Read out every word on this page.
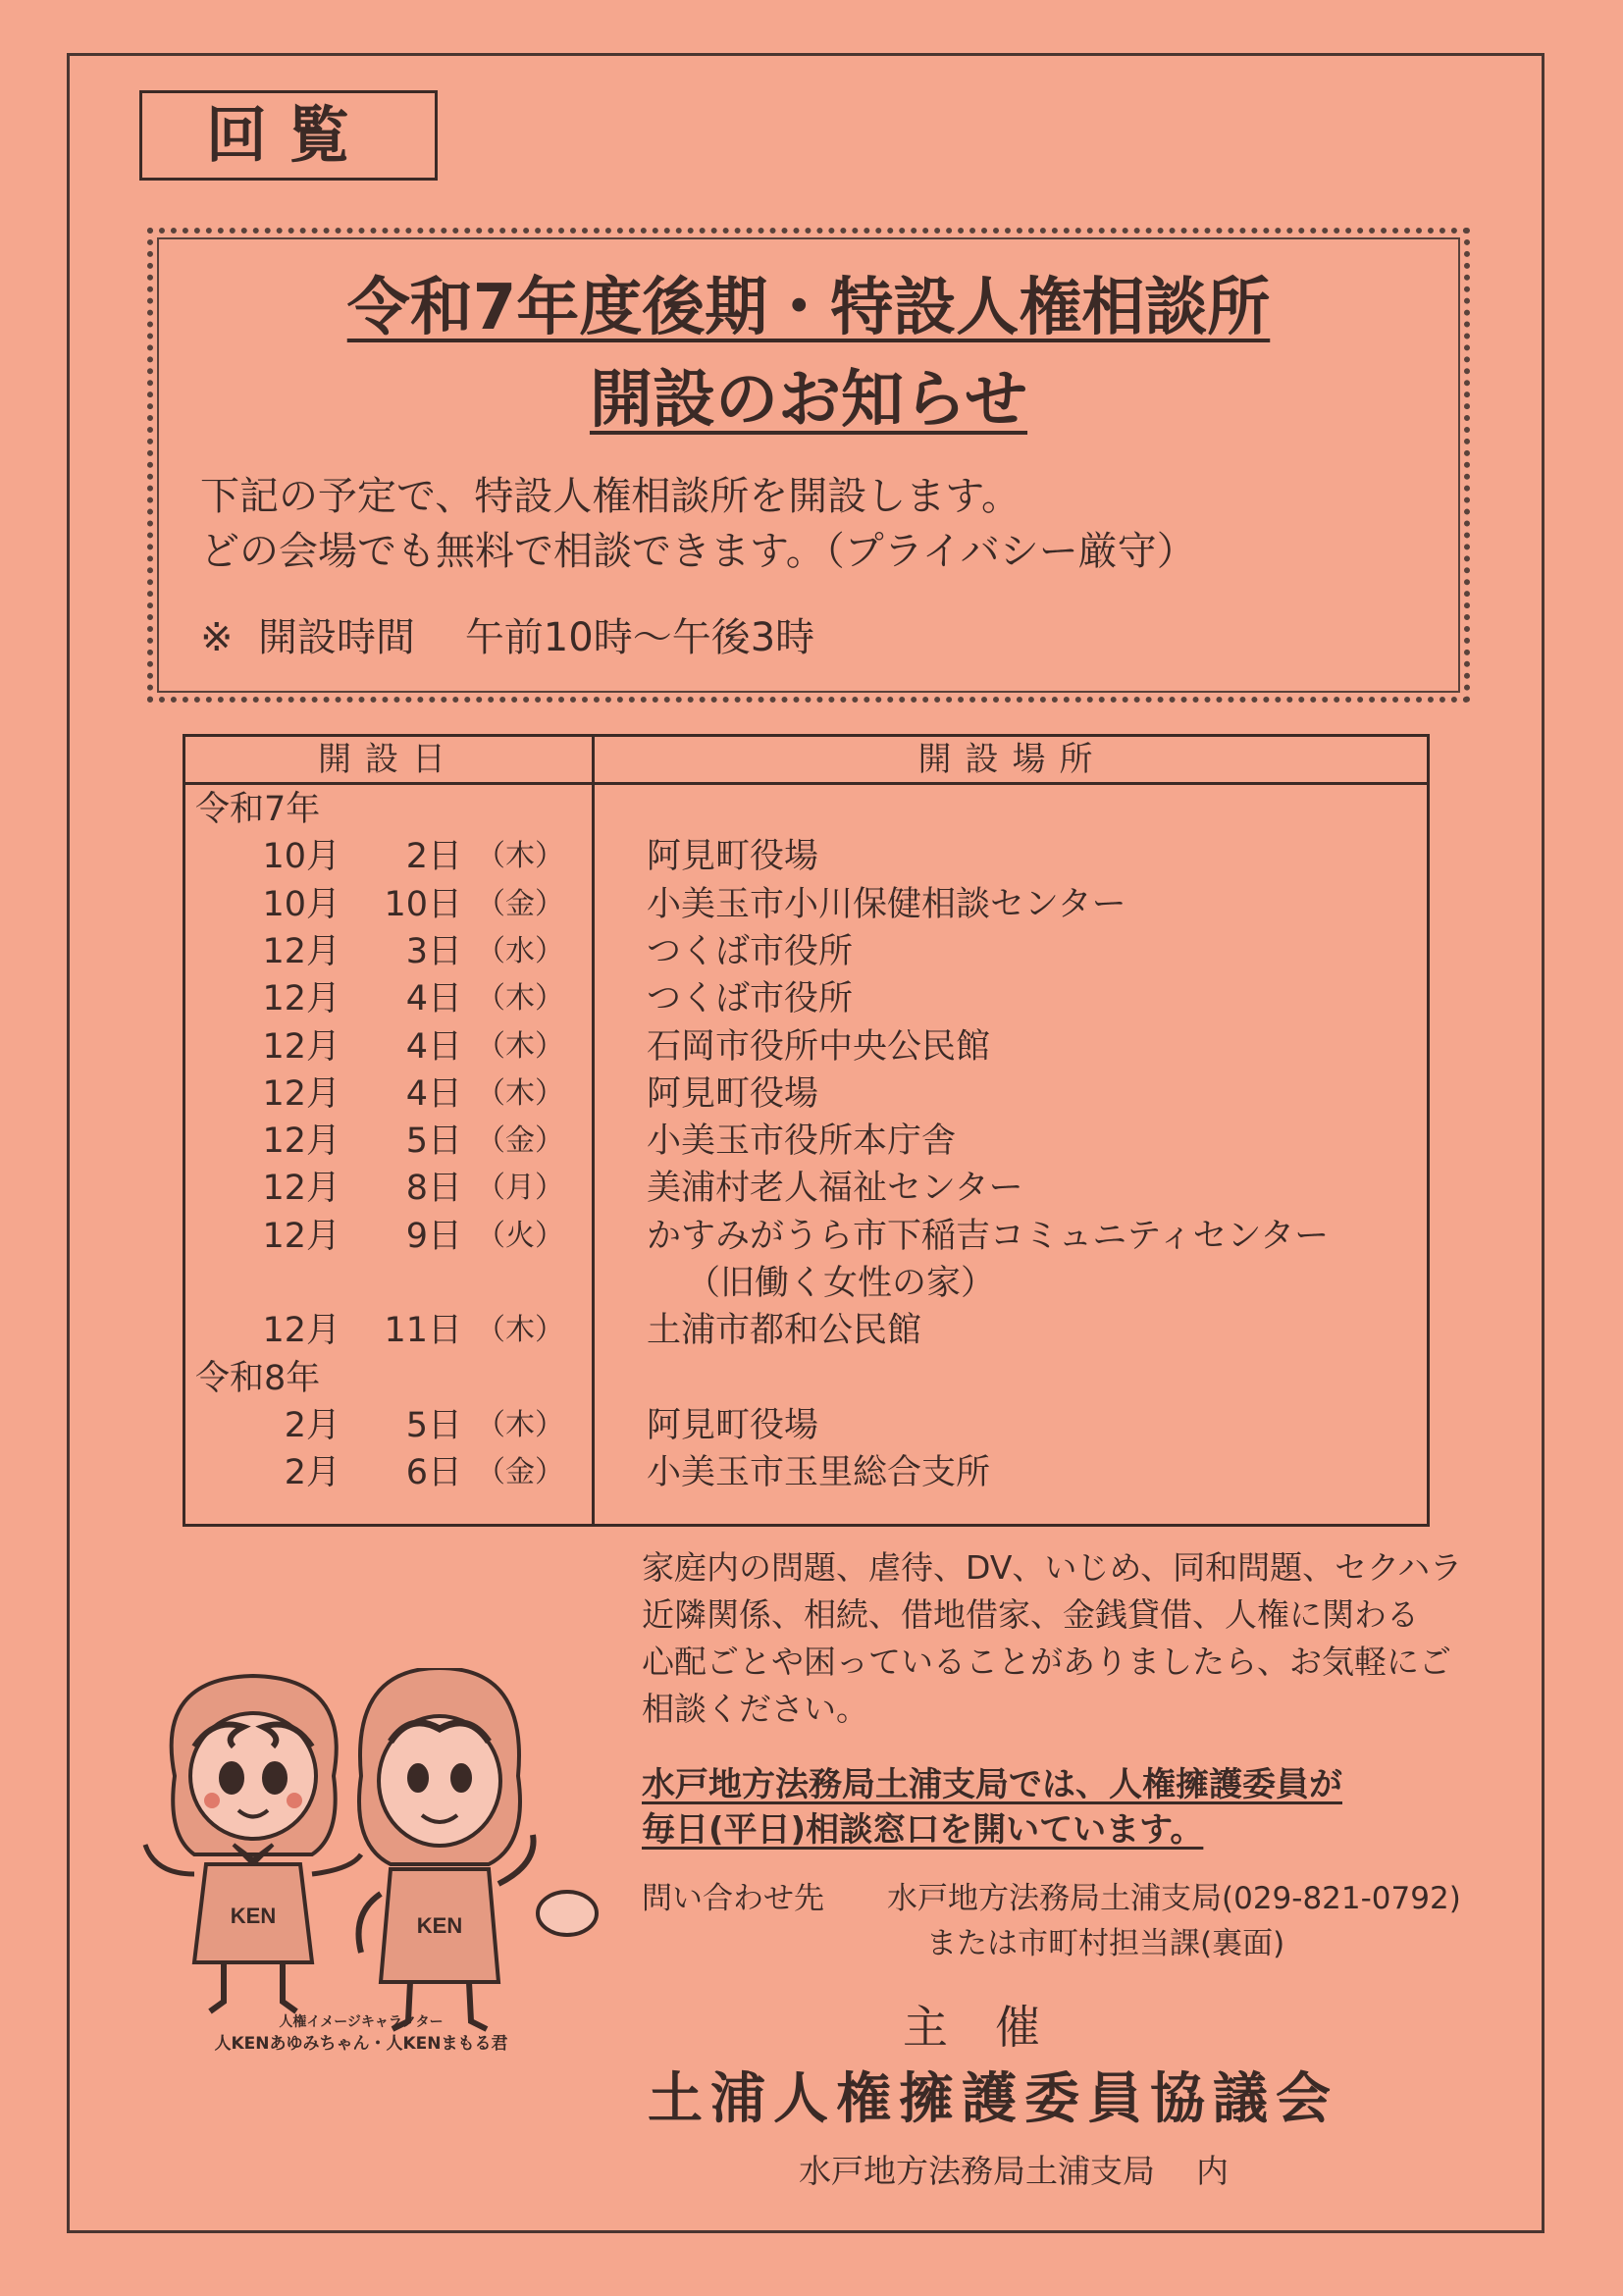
回覧
令和7年度後期・特設人権相談所
開設のお知らせ
下記の予定で、特設人権相談所を開設します。
どの会場でも無料で相談できます。（プライバシー厳守）
※ 開設時間 午前10時～午後3時
開設日	開設場所
令和7年
10月	2日 （木） 阿見町役場
10月	10日 （金） 小美玉市小川保健相談センター
12月	3日 （水） つくば市役所
12月	4日 （木） つくば市役所
12月	4日 （木） 石岡市役所中央公民館
12月	4日 （木） 阿見町役場
12月	5日 （金） 小美玉市役所本庁舎
12月	8日 （月） 美浦村老人福祉センター
12月	9日 （火） かすみがうら市下稲吉コミュニティセンター
（旧働く女性の家）
12月	11日 （木） 土浦市都和公民館
令和8年
2月	5日 （木） 阿見町役場
2月	6日 （金） 小美玉市玉里総合支所
家庭内の問題、虐待、DV、いじめ、同和問題、セクハラ
近隣関係、相続、借地借家、金銭貸借、人権に関わる
心配ごとや困っていることがありましたら、お気軽にご
相談ください。
水戸地方法務局土浦支局では、人権擁護委員が
毎日(平日)相談窓口を開いています。
問い合わせ先 水戸地方法務局土浦支局(029-821-0792)
または市町村担当課(裏面)
主催
土浦人権擁護委員協議会
水戸地方法務局土浦支局 内
KEN	KEN
人権イメージキャラクター
人KENあゆみちゃん・人KENまもる君
